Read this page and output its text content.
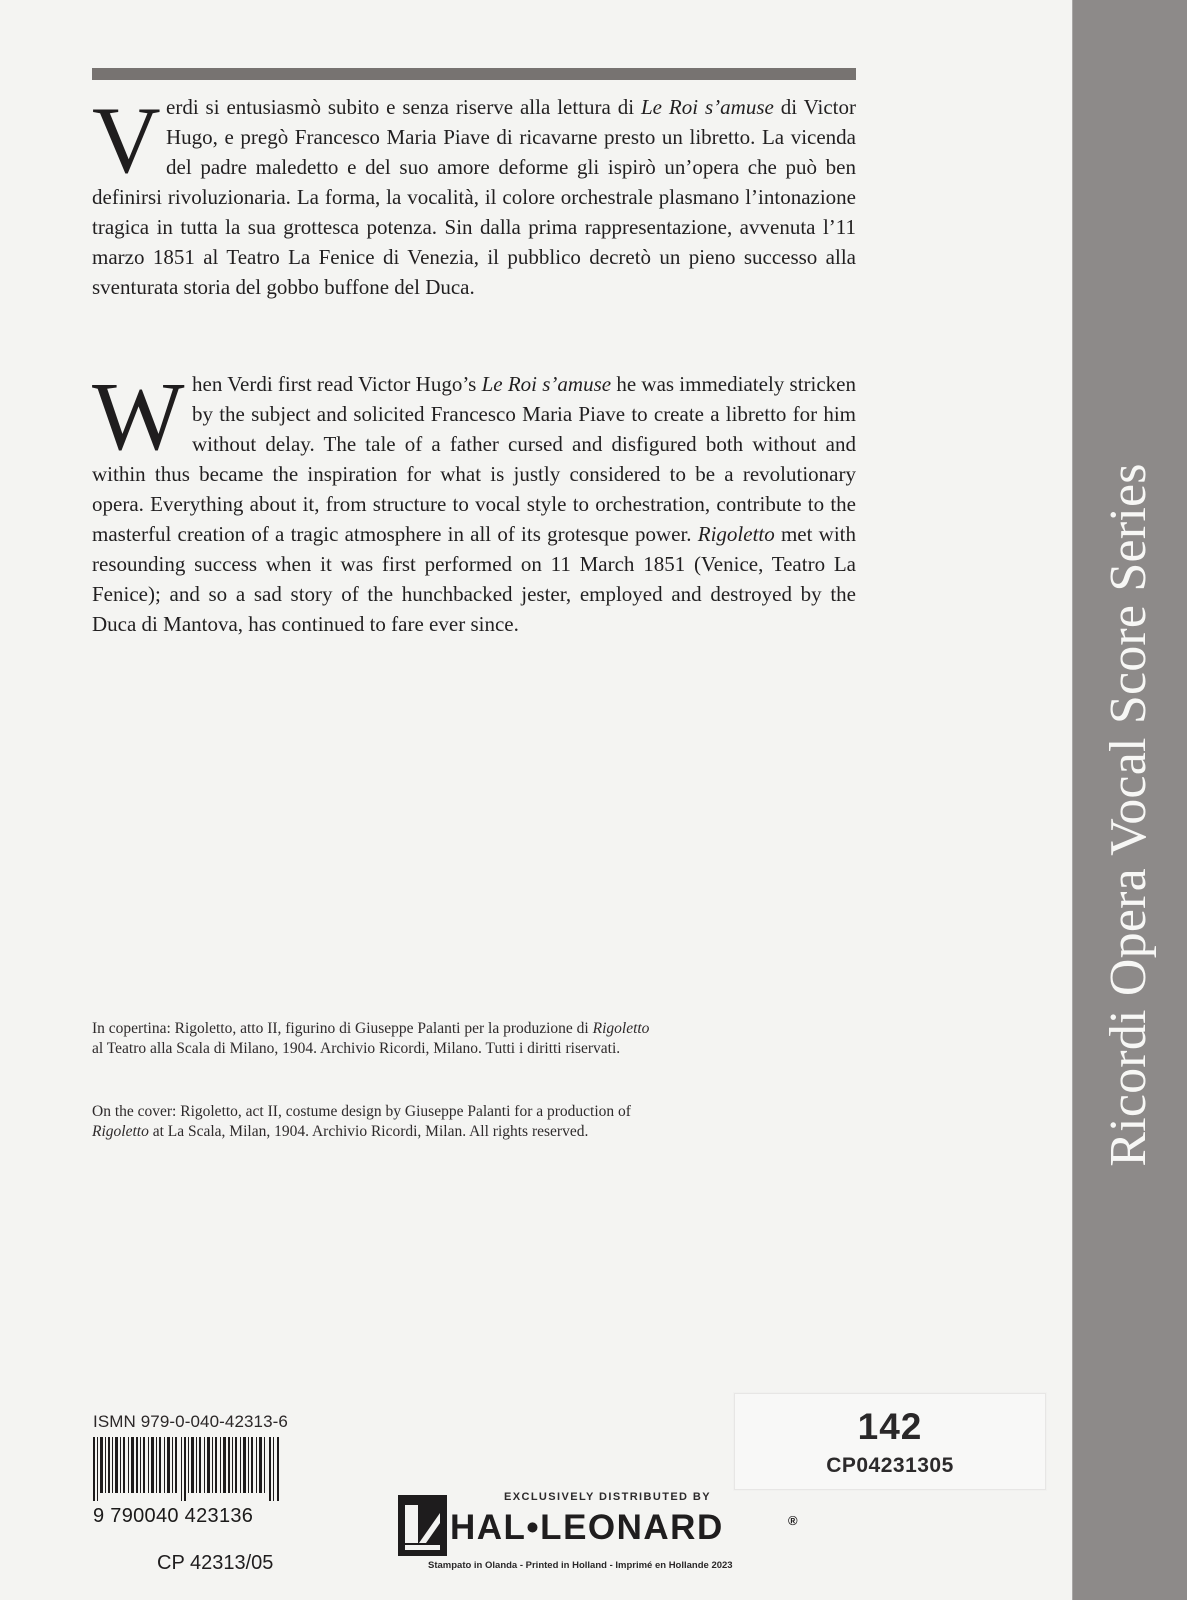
Verdi si entusiasmò subito e senza riserve alla lettura di Le Roi s’amuse di Victor Hugo, e pregò Francesco Maria Piave di ricavarne presto un libretto. La vicenda del padre maledetto e del suo amore deforme gli ispirò un’opera che può ben definirsi rivoluzionaria. La forma, la vocalità, il colore orchestrale plasmano l’intonazione tragica in tutta la sua grottesca potenza. Sin dalla prima rappresentazione, avvenuta l’11 marzo 1851 al Teatro La Fenice di Venezia, il pubblico decretò un pieno successo alla sventurata storia del gobbo buffone del Duca.

When Verdi first read Victor Hugo’s Le Roi s’amuse he was immediately stricken by the subject and solicited Francesco Maria Piave to create a libretto for him without delay. The tale of a father cursed and disfigured both without and within thus became the inspiration for what is justly considered to be a revolutionary opera. Everything about it, from structure to vocal style to orchestration, contribute to the masterful creation of a tragic atmosphere in all of its grotesque power. Rigoletto met with resounding success when it was first performed on 11 March 1851 (Venice, Teatro La Fenice); and so a sad story of the hunchbacked jester, employed and destroyed by the Duca di Mantova, has continued to fare ever since.

In copertina: Rigoletto, atto II, figurino di Giuseppe Palanti per la produzione di Rigoletto al Teatro alla Scala di Milano, 1904. Archivio Ricordi, Milano. Tutti i diritti riservati.

On the cover: Rigoletto, act II, costume design by Giuseppe Palanti for a production of Rigoletto at La Scala, Milan, 1904. Archivio Ricordi, Milan. All rights reserved.

ISMN 979-0-040-42313-6
9 790040 423136
CP 42313/05
142
CP04231305
EXCLUSIVELY DISTRIBUTED BY
HAL•LEONARD	®
Stampato in Olanda - Printed in Holland - Imprimé en Hollande 2023
Ricordi Opera Vocal Score Series
